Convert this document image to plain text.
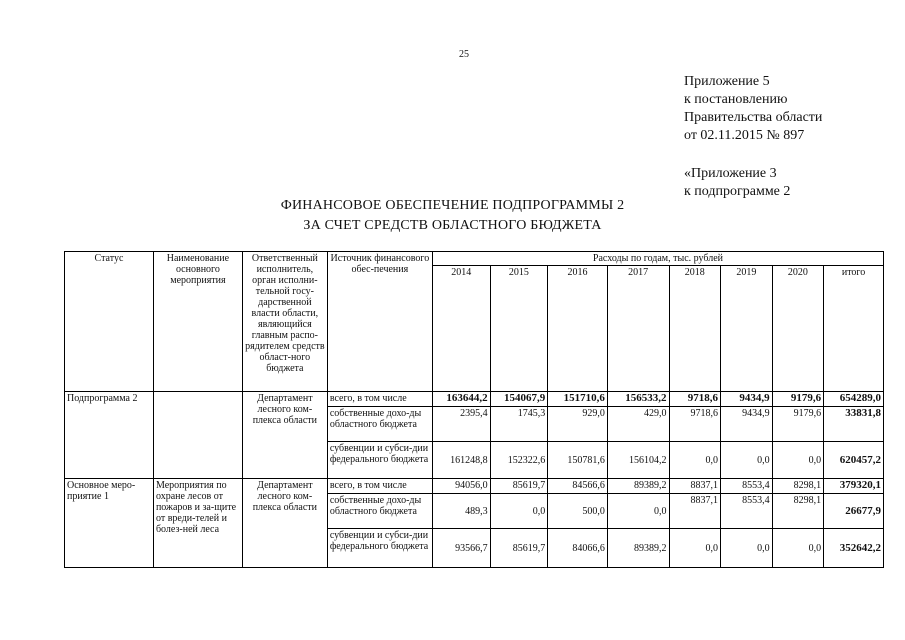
25
Приложение 5
к постановлению
Правительства области
от 02.11.2015 № 897
«Приложение 3
к подпрограмме 2
ФИНАНСОВОЕ ОБЕСПЕЧЕНИЕ ПОДПРОГРАММЫ 2
ЗА СЧЕТ СРЕДСТВ ОБЛАСТНОГО БЮДЖЕТА
Статус	Наименование основного мероприятия	Ответственный исполнитель, орган исполни-тельной госу-дарственной власти области, являющийся главным распо-рядителем средств област-ного бюджета	Источник финансового обес-печения	Расходы по годам, тыс. рублей							
				2014	2015	2016	2017	2018	2019	2020	итого
Подпрограмма 2		Департамент лесного ком-плекса области	всего, в том числе	163644,2	154067,9	151710,6	156533,2	9718,6	9434,9	9179,6	654289,0
			собственные дохо-ды областного бюджета	2395,4	1745,3	929,0	429,0	9718,6	9434,9	9179,6	33831,8
			субвенции и субси-дии федерального бюджета	161248,8	152322,6	150781,6	156104,2	0,0	0,0	0,0	620457,2
Основное меро-приятие 1	Мероприятия по охране лесов от пожаров и за-щите от вреди-телей и болез-ней леса	Департамент лесного ком-плекса области	всего, в том числе	94056,0	85619,7	84566,6	89389,2	8837,1	8553,4	8298,1	379320,1
			собственные дохо-ды областного бюджета	489,3	0,0	500,0	0,0	8837,1	8553,4	8298,1	26677,9
			субвенции и субси-дии федерального бюджета	93566,7	85619,7	84066,6	89389,2	0,0	0,0	0,0	352642,2
